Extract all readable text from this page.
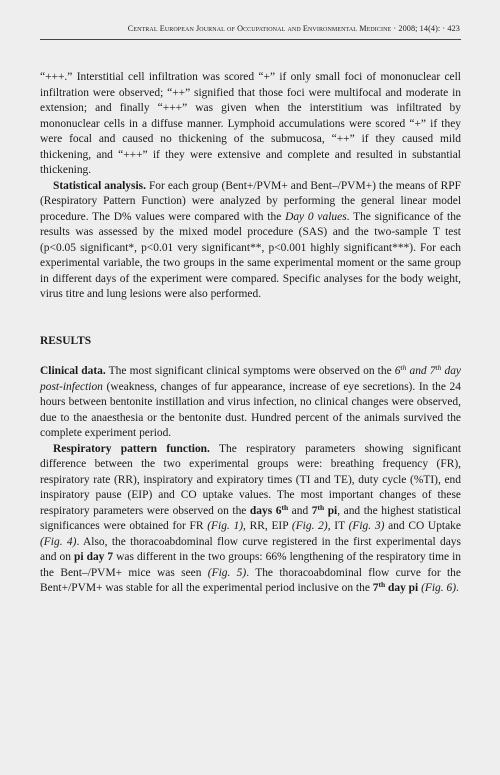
Central European Journal of Occupational and Environmental Medicine · 2008; 14(4): · 423

“+++.” Interstitial cell infiltration was scored “+” if only small foci of mononuclear cell infiltration were observed; “++” signified that those foci were multifocal and moderate in extension; and finally “+++” was given when the interstitium was infiltrated by mononuclear cells in a diffuse manner. Lymphoid accumulations were scored “+” if they were focal and caused no thickening of the submucosa, “++” if they caused mild thickening, and “+++” if they were extensive and complete and resulted in substantial thickening.

Statistical analysis. For each group (Bent+/PVM+ and Bent–/PVM+) the means of RPF (Respiratory Pattern Function) were analyzed by performing the general linear model procedure. The D% values were compared with the Day 0 values. The significance of the results was assessed by the mixed model procedure (SAS) and the two-sample T test (p<0.05 significant*, p<0.01 very significant**, p<0.001 highly significant***). For each experimental variable, the two groups in the same experimental moment or the same group in different days of the experiment were compared. Specific analyses for the body weight, virus titre and lung lesions were also performed.

RESULTS

Clinical data. The most significant clinical symptoms were observed on the 6th and 7th day post-infection (weakness, changes of fur appearance, increase of eye secretions). In the 24 hours between bentonite instillation and virus infection, no clinical changes were observed, due to the anaesthesia or the bentonite dust. Hundred percent of the animals survived the complete experiment period.

Respiratory pattern function. The respiratory parameters showing significant difference between the two experimental groups were: breathing frequency (FR), respiratory rate (RR), inspiratory and expiratory times (TI and TE), duty cycle (%TI), end inspiratory pause (EIP) and CO uptake values. The most important changes of these respiratory parameters were observed on the days 6th and 7th pi, and the highest statistical significances were obtained for FR (Fig. 1), RR, EIP (Fig. 2), IT (Fig. 3) and CO Uptake (Fig. 4). Also, the thoracoabdominal flow curve registered in the first experimental days and on pi day 7 was different in the two groups: 66% lengthening of the respiratory time in the Bent–/PVM+ mice was seen (Fig. 5). The thoracoabdominal flow curve for the Bent+/PVM+ was stable for all the experimental period inclusive on the 7th day pi (Fig. 6).
